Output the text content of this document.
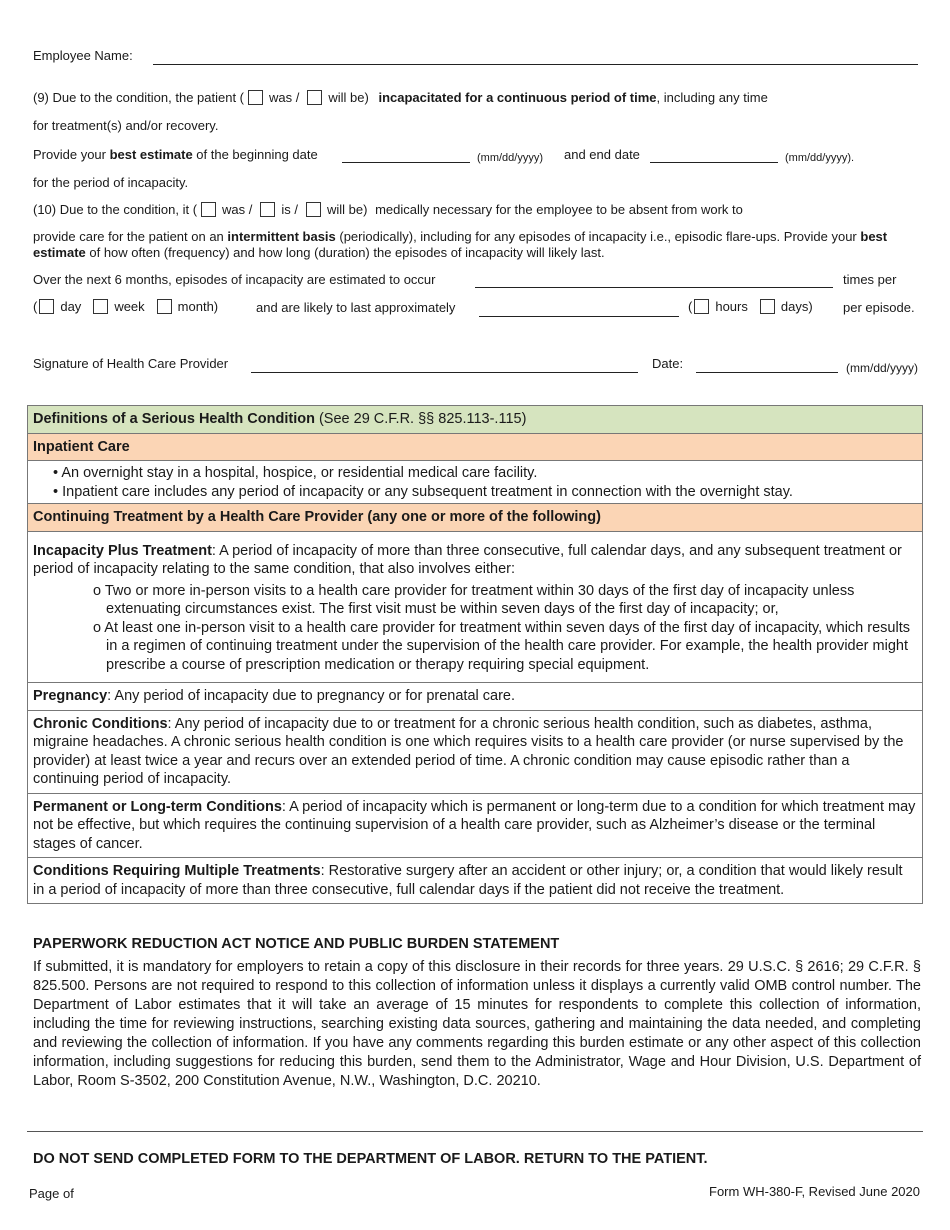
Employee Name:
(9) Due to the condition, the patient ( was / will be) incapacitated for a continuous period of time, including any time
for treatment(s) and/or recovery.
Provide your best estimate of the beginning date	(mm/dd/yyyy) and end date	(mm/dd/yyyy).
for the period of incapacity.
(10) Due to the condition, it ( was / is / will be) medically necessary for the employee to be absent from work to
provide care for the patient on an intermittent basis (periodically), including for any episodes of incapacity i.e., episodic flare-ups. Provide your best estimate of how often (frequency) and how long (duration) the episodes of incapacity will likely last.
Over the next 6 months, episodes of incapacity are estimated to occur	times per
( day	week	month)	and are likely to last approximately	( hours	days) per episode.
Signature of Health Care Provider	Date:	(mm/dd/yyyy)
Definitions of a Serious Health Condition (See 29 C.F.R. §§ 825.113-.115)
Inpatient Care
• An overnight stay in a hospital, hospice, or residential medical care facility.
• Inpatient care includes any period of incapacity or any subsequent treatment in connection with the overnight stay.
Continuing Treatment by a Health Care Provider (any one or more of the following)
Incapacity Plus Treatment: A period of incapacity of more than three consecutive, full calendar days, and any subsequent treatment or period of incapacity relating to the same condition, that also involves either:
o Two or more in-person visits to a health care provider for treatment within 30 days of the first day of incapacity unless extenuating circumstances exist. The first visit must be within seven days of the first day of incapacity; or,
o At least one in-person visit to a health care provider for treatment within seven days of the first day of incapacity, which results in a regimen of continuing treatment under the supervision of the health care provider. For example, the health provider might prescribe a course of prescription medication or therapy requiring special equipment.
Pregnancy: Any period of incapacity due to pregnancy or for prenatal care.
Chronic Conditions: Any period of incapacity due to or treatment for a chronic serious health condition, such as diabetes, asthma, migraine headaches. A chronic serious health condition is one which requires visits to a health care provider (or nurse supervised by the provider) at least twice a year and recurs over an extended period of time. A chronic condition may cause episodic rather than a continuing period of incapacity.
Permanent or Long-term Conditions: A period of incapacity which is permanent or long-term due to a condition for which treatment may not be effective, but which requires the continuing supervision of a health care provider, such as Alzheimer’s disease or the terminal stages of cancer.
Conditions Requiring Multiple Treatments: Restorative surgery after an accident or other injury; or, a condition that would likely result in a period of incapacity of more than three consecutive, full calendar days if the patient did not receive the treatment.
PAPERWORK REDUCTION ACT NOTICE AND PUBLIC BURDEN STATEMENT
If submitted, it is mandatory for employers to retain a copy of this disclosure in their records for three years. 29 U.S.C. § 2616; 29 C.F.R. § 825.500. Persons are not required to respond to this collection of information unless it displays a currently valid OMB control number. The Department of Labor estimates that it will take an average of 15 minutes for respondents to complete this collection of information, including the time for reviewing instructions, searching existing data sources, gathering and maintaining the data needed, and completing and reviewing the collection of information. If you have any comments regarding this burden estimate or any other aspect of this collection information, including suggestions for reducing this burden, send them to the Administrator, Wage and Hour Division, U.S. Department of Labor, Room S-3502, 200 Constitution Avenue, N.W., Washington, D.C. 20210.
DO NOT SEND COMPLETED FORM TO THE DEPARTMENT OF LABOR. RETURN TO THE PATIENT.
Page of	Form WH-380-F, Revised June 2020
